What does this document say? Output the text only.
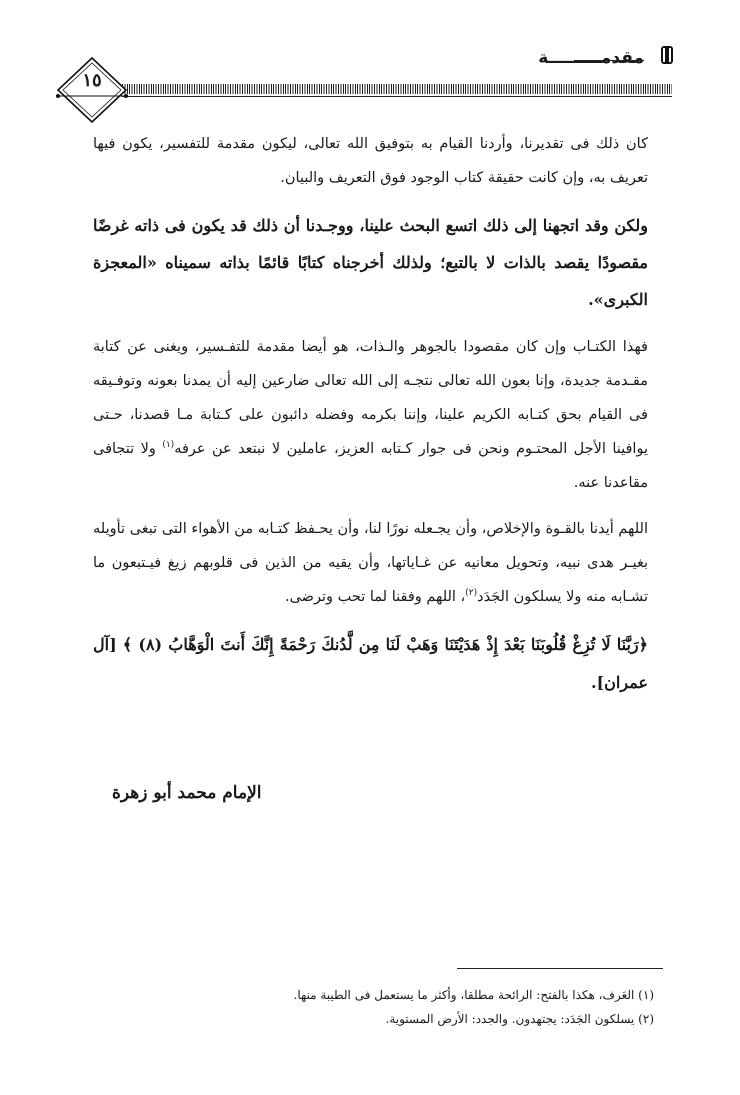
مقدمـــــــــة
١٥

كان ذلك فى تقديرنا، وأردنا القيام به بتوفيق الله تعالى، ليكون مقدمة للتفسير، يكون فيها تعريف به، وإن كانت حقيقة كتاب الوجود فوق التعريف والبيان.

ولكن وقد اتجهنا إلى ذلك اتسع البحث علينا، ووجـدنا أن ذلك قد يكون فى ذاته غرضًا مقصودًا يقصد بالذات لا بالتبع؛ ولذلك أخرجناه كتابًا قائمًا بذاته سميناه «المعجزة الكبرى».

فهذا الكتـاب وإن كان مقصودا بالجوهر والـذات، هو أيضا مقدمة للتفـسير، ويغنى عن كتابة مقـدمة جديدة، وإنا بعون الله تعالى نتجـه إلى الله تعالى ضارعين إليه أن يمدنا بعونه وتوفـيقه فى القيام بحق كتـابه الكريم علينا، وإننا بكرمه وفضله دائبون على كـتابة مـا قصدنا، حـتى يوافينا الأجل المحتـوم ونحن فى جوار كـتابه العزيز، عاملين لا نبتعد عن عرفه$^{(١)}$ ولا تتجافى مقاعدنا عنه.

اللهم أيدنا بالقـوة والإخلاص، وأن يجـعله نورًا لنا، وأن يحـفظ كتـابه من الأهواء التى تبغى تأويله بغيـر هدى نبيه، وتحويل معانيه عن غـاياتها، وأن يقيه من الذين فى قلوبهم زيغ فيـتبعون ما تشـابه منه ولا يسلكون الجَدَد$^{(٢)}$، اللهم وفقنا لما تحب وترضى.

﴿رَبَّنَا لَا تُزِغْ قُلُوبَنَا بَعْدَ إِذْ هَدَيْتَنَا وَهَبْ لَنَا مِن لَّدُنكَ رَحْمَةً إِنَّكَ أَنتَ الْوَهَّابُ (٨) ﴾ [آل عمران].

الإمام محمد أبو زهرة
(١) العَرف، هكذا بالفتح: الرائحة مطلقا، وأكثر ما يستعمل فى الطيبة منها.
(٢) يسلكون الجَدَد: يجتهدون. والجدد: الأرض المستوية.
